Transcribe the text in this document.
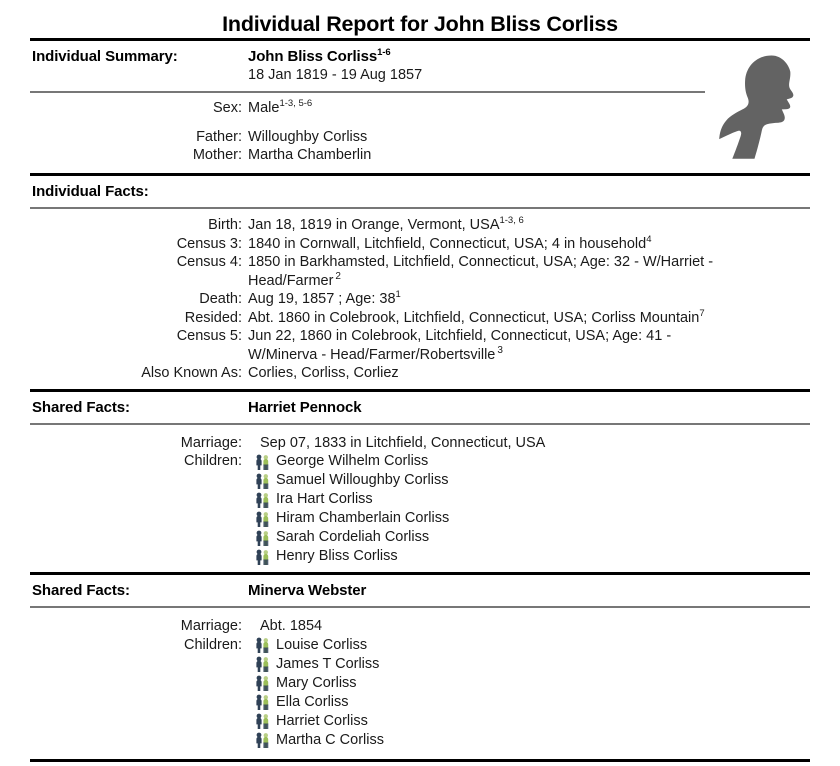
Individual Report for John Bliss Corliss
Individual Summary:	John Bliss Corliss$^{1-6}$
18 Jan 1819 - 19 Aug 1857
Sex: Male$^{1-3, 5-6}$
Father: Willoughby Corliss
Mother: Martha Chamberlin
Individual Facts:
Birth: Jan 18, 1819 in Orange, Vermont, USA$^{1-3, 6}$
Census 3: 1840 in Cornwall, Litchfield, Connecticut, USA; 4 in household$^4$
Census 4: 1850 in Barkhamsted, Litchfield, Connecticut, USA; Age: 32 - W/Harriet -
Head/Farmer $^2$
Death: Aug 19, 1857 ; Age: $38^1$
Resided: Abt. 1860 in Colebrook, Litchfield, Connecticut, USA; Corliss Mountain$^7$
Census 5: Jun 22, 1860 in Colebrook, Litchfield, Connecticut, USA; Age: 41 -
W/Minerva - Head/Farmer/Robertsville $^3$
Also Known As: Corlies, Corliss, Corliez
Shared Facts:	Harriet Pennock
Marriage:	Sep 07, 1833 in Litchfield, Connecticut, USA
Children:	George Wilhelm Corliss
Samuel Willoughby Corliss
Ira Hart Corliss
Hiram Chamberlain Corliss
Sarah Cordeliah Corliss
Henry Bliss Corliss
Shared Facts:	Minerva Webster
Marriage:	Abt. 1854
Children:	Louise Corliss
James T Corliss
Mary Corliss
Ella Corliss
Harriet Corliss
Martha C Corliss
